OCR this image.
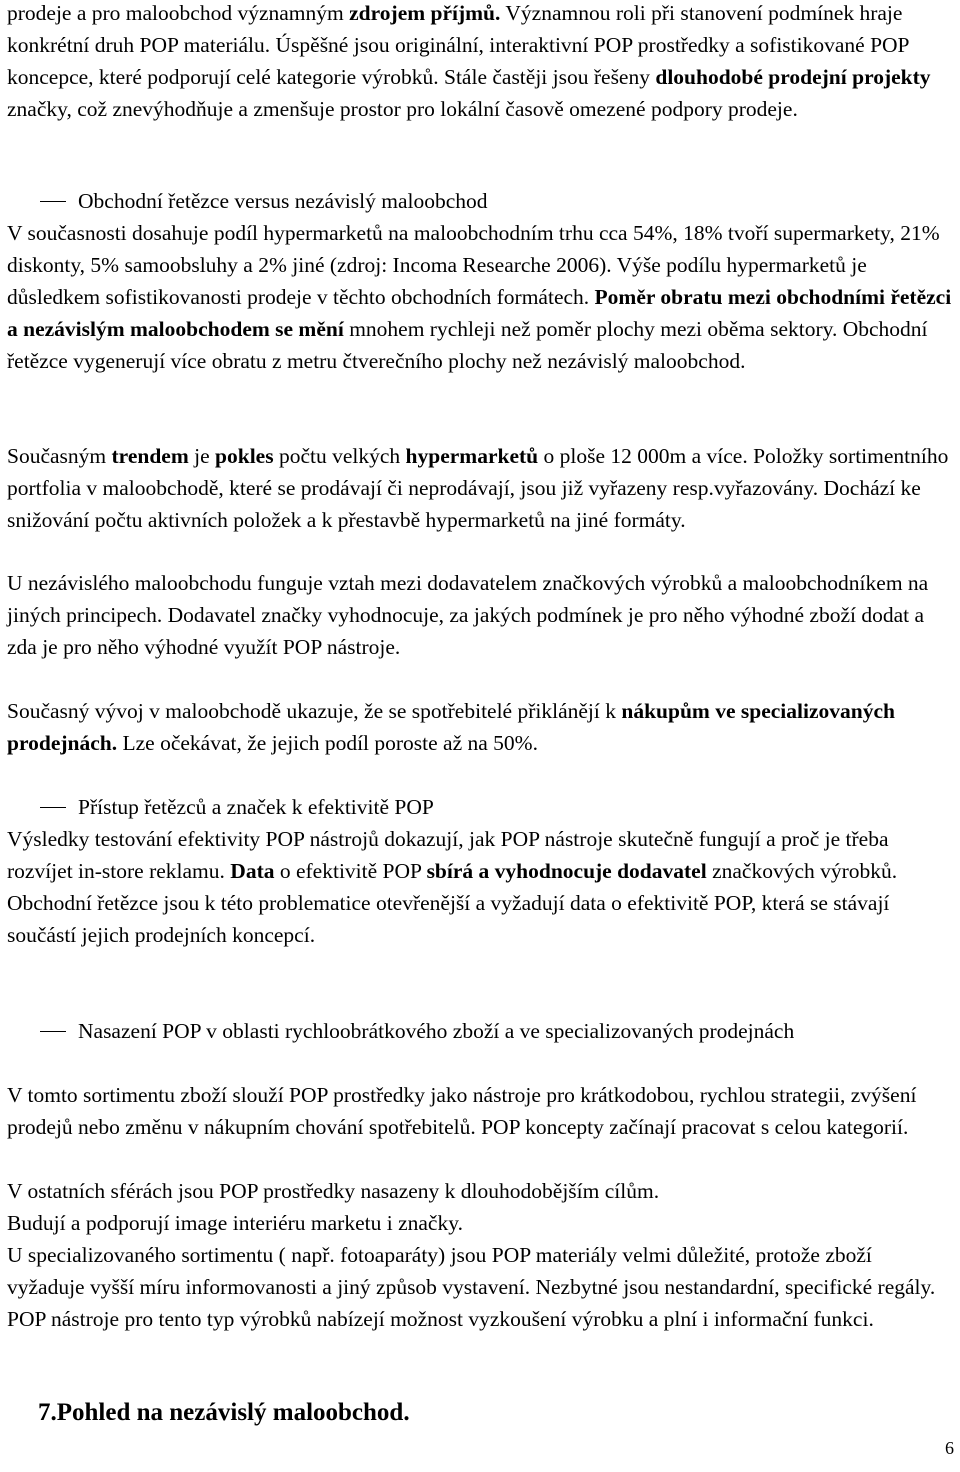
prodeje a pro maloobchod významným zdrojem příjmů. Významnou roli při stanovení podmínek hraje konkrétní druh POP materiálu. Úspěšné jsou originální, interaktivní POP prostředky a sofistikované POP koncepce, které podporují celé kategorie výrobků. Stále častěji jsou řešeny dlouhodobé prodejní projekty značky, což znevýhodňuje a zmenšuje prostor pro lokální časově omezené podpory prodeje.

Obchodní řetězce versus nezávislý maloobchod

V současnosti dosahuje podíl hypermarketů na maloobchodním trhu cca 54%, 18% tvoří supermarkety, 21% diskonty, 5% samoobsluhy a 2% jiné (zdroj: Incoma Researche 2006). Výše podílu hypermarketů je důsledkem sofistikovanosti prodeje v těchto obchodních formátech. Poměr obratu mezi obchodními řetězci a nezávislým maloobchodem se mění mnohem rychleji než poměr plochy mezi oběma sektory. Obchodní řetězce vygenerují více obratu z metru čtverečního plochy než nezávislý maloobchod.

Současným trendem je pokles počtu velkých hypermarketů o ploše 12 000m a více. Položky sortimentního portfolia v maloobchodě, které se prodávají či neprodávají, jsou již vyřazeny resp.vyřazovány. Dochází ke snižování počtu aktivních položek a k přestavbě hypermarketů na jiné formáty.

U nezávislého maloobchodu funguje vztah mezi dodavatelem značkových výrobků a maloobchodníkem na jiných principech. Dodavatel značky vyhodnocuje, za jakých podmínek je pro něho výhodné zboží dodat a zda je pro něho výhodné využít POP nástroje.

Současný vývoj v maloobchodě ukazuje, že se spotřebitelé přiklánějí k nákupům ve specializovaných prodejnách. Lze očekávat, že jejich podíl poroste až na 50%.

Přístup řetězců a značek k efektivitě POP

Výsledky testování efektivity POP nástrojů dokazují, jak POP nástroje skutečně fungují a proč je třeba rozvíjet in-store reklamu. Data o efektivitě POP sbírá a vyhodnocuje dodavatel značkových výrobků. Obchodní řetězce jsou k této problematice otevřenější a vyžadují data o efektivitě POP, která se stávají součástí jejich prodejních koncepcí.

Nasazení POP v oblasti rychloobrátkového zboží a ve specializovaných prodejnách

V tomto sortimentu zboží slouží POP prostředky jako nástroje pro krátkodobou, rychlou strategii, zvýšení prodejů nebo změnu v nákupním chování spotřebitelů. POP koncepty začínají pracovat s celou kategorií.

V ostatních sférách jsou POP prostředky nasazeny k dlouhodobějším cílům.

Budují a podporují image interiéru marketu i značky.

U specializovaného sortimentu ( např. fotoaparáty) jsou POP materiály velmi důležité, protože zboží vyžaduje vyšší míru informovanosti a jiný způsob vystavení. Nezbytné jsou nestandardní, specifické regály. POP nástroje pro tento typ výrobků nabízejí možnost vyzkoušení výrobku a plní i informační funkci.

7.Pohled na nezávislý maloobchod.
6
